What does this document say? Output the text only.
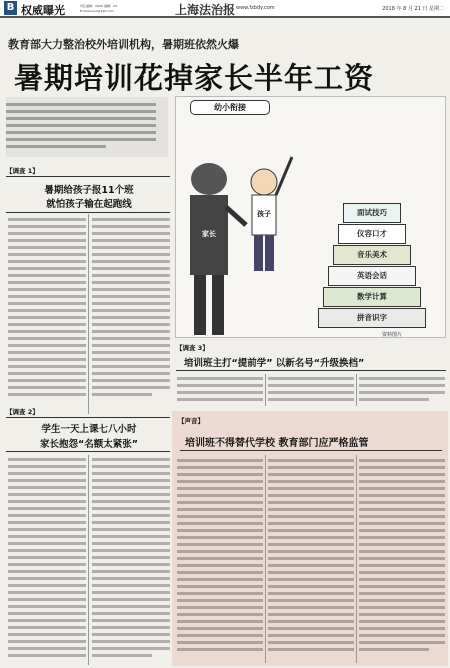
B 权威曝光	责任编辑：XXXX 编辑：XX
E-mail:xxxx@126.com	上海法治报 www.fzbdy.com	2018 年 8 月 21 日 星期二
教育部大力整治校外培训机构，暑期班依然火爆
暑期培训花掉家长半年工资
家长
孩子
幼小衔接
面试技巧
仪容口才
音乐美术
英语会话
数学计算
拼音识字
资料图片
【调查 1】
暑期给孩子报11个班
就怕孩子输在起跑线
【调查 2】
学生一天上课七八小时
家长抱怨“名额太紧张”
【调查 3】
培训班主打“提前学” 以新名号“升级换档”
【声音】
培训班不得替代学校 教育部门应严格监管
